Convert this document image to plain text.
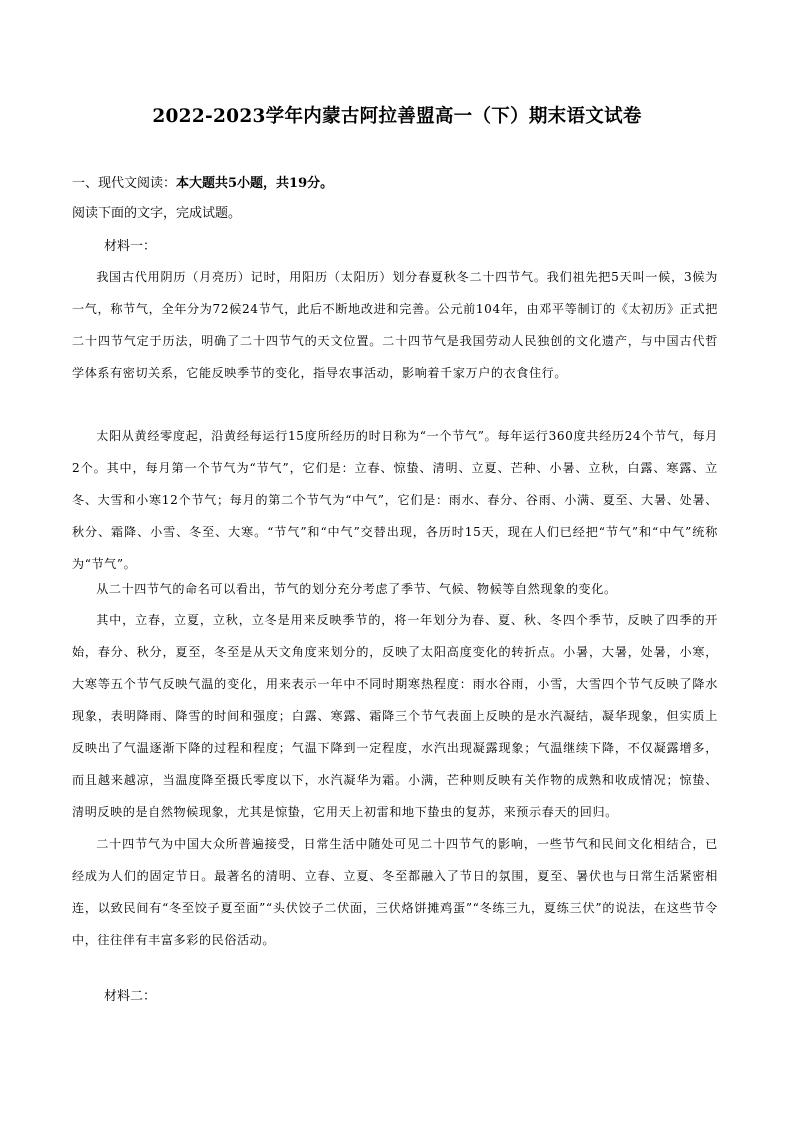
2022-2023学年内蒙古阿拉善盟高一（下）期末语文试卷
一、现代文阅读：本大题共5小题，共19分。
阅读下面的文字，完成试题。
材料一：

我国古代用阴历（月亮历）记时，用阳历（太阳历）划分春夏秋冬二十四节气。我们祖先把5天叫一候，3候为一气，称节气，全年分为72候24节气，此后不断地改进和完善。公元前104年，由邓平等制订的《太初历》正式把二十四节气定于历法，明确了二十四节气的天文位置。二十四节气是我国劳动人民独创的文化遗产，与中国古代哲学体系有密切关系，它能反映季节的变化，指导农事活动，影响着千家万户的衣食住行。

太阳从黄经零度起，沿黄经每运行15度所经历的时日称为“一个节气”。每年运行360度共经历24个节气，每月2个。其中，每月第一个节气为“节气”，它们是：立春、惊蛰、清明、立夏、芒种、小暑、立秋，白露、寒露、立冬、大雪和小寒12个节气；每月的第二个节气为“中气”，它们是：雨水、春分、谷雨、小满、夏至、大暑、处暑、秋分、霜降、小雪、冬至、大寒。“节气”和“中气”交替出现，各历时15天，现在人们已经把“节气”和“中气”统称为“节气”。

从二十四节气的命名可以看出，节气的划分充分考虑了季节、气候、物候等自然现象的变化。

其中，立春，立夏，立秋，立冬是用来反映季节的，将一年划分为春、夏、秋、冬四个季节，反映了四季的开始，春分、秋分，夏至，冬至是从天文角度来划分的，反映了太阳高度变化的转折点。小暑，大暑，处暑，小寒，大寒等五个节气反映气温的变化，用来表示一年中不同时期寒热程度：雨水谷雨，小雪，大雪四个节气反映了降水现象，表明降雨、降雪的时间和强度；白露、寒露、霜降三个节气表面上反映的是水汽凝结，凝华现象，但实质上反映出了气温逐渐下降的过程和程度；气温下降到一定程度，水汽出现凝露现象；气温继续下降，不仅凝露增多，而且越来越凉，当温度降至摄氏零度以下，水汽凝华为霜。小满，芒种则反映有关作物的成熟和收成情况；惊蛰、清明反映的是自然物候现象，尤其是惊蛰，它用天上初雷和地下蛰虫的复苏，来预示春天的回归。

二十四节气为中国大众所普遍接受，日常生活中随处可见二十四节气的影响，一些节气和民间文化相结合，已经成为人们的固定节日。最著名的清明、立春、立夏、冬至都融入了节日的氛围，夏至、暑伏也与日常生活紧密相连，以致民间有“冬至饺子夏至面”“头伏饺子二伏面，三伏烙饼摊鸡蛋”“冬练三九，夏练三伏”的说法，在这些节令中，往往伴有丰富多彩的民俗活动。

材料二：
